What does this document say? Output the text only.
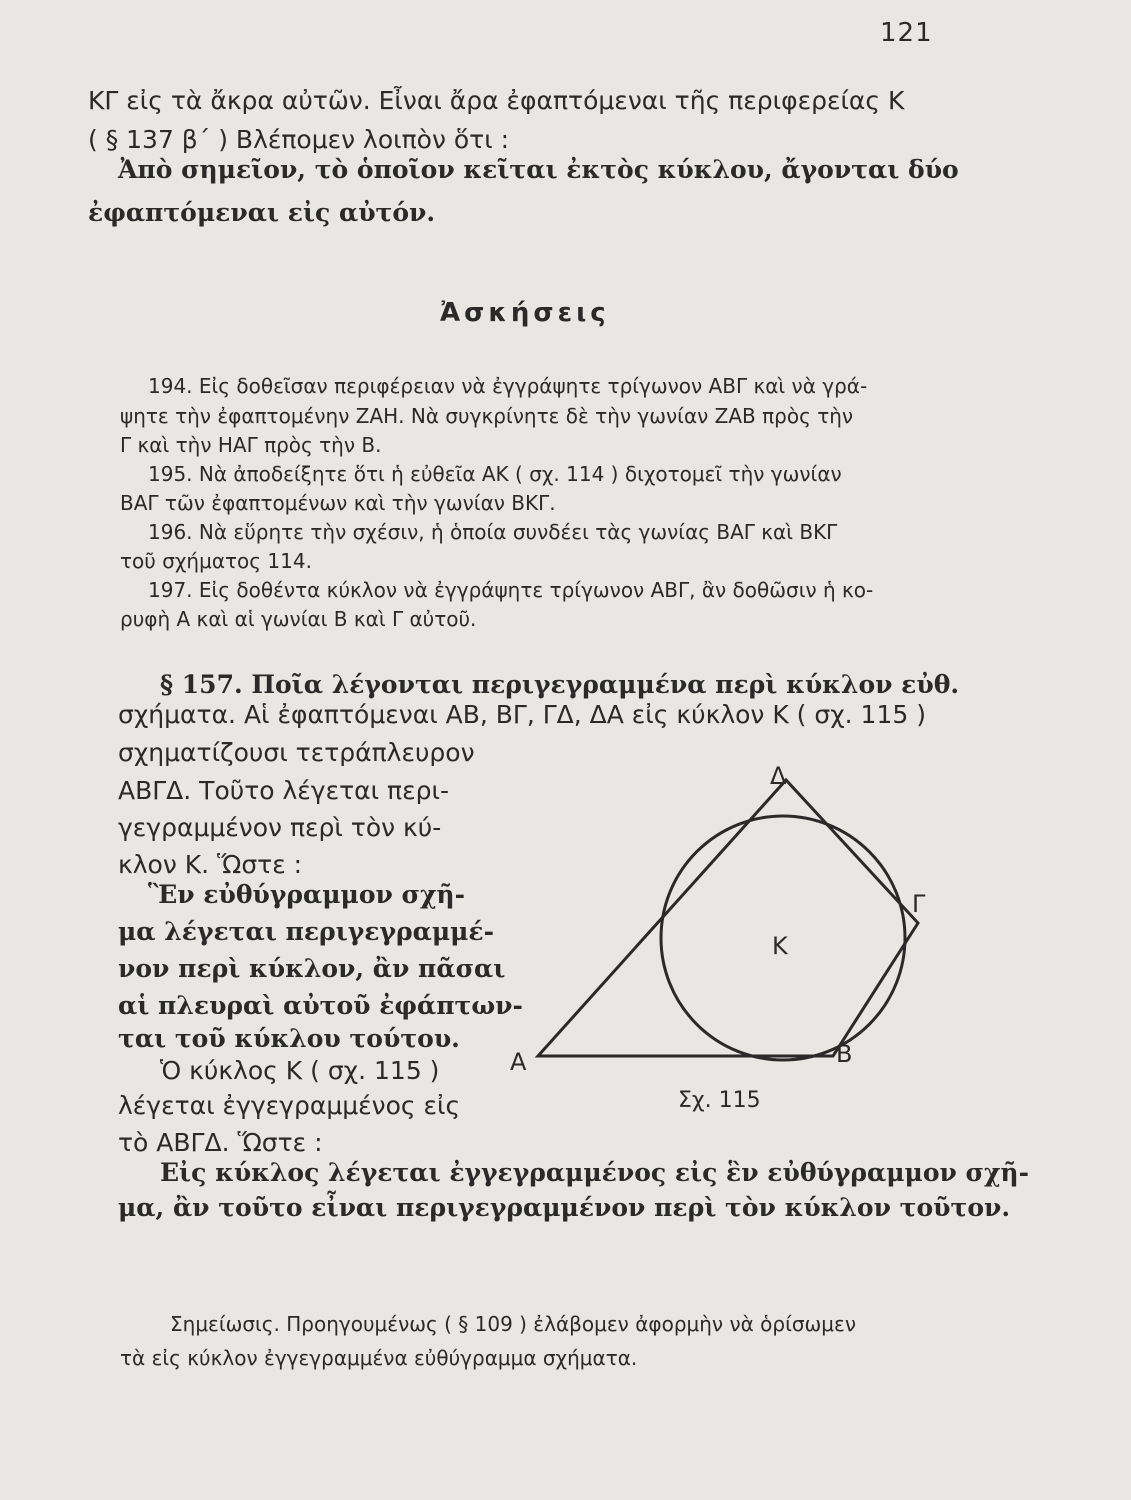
121
ΚΓ εἰς τὰ ἄκρα αὐτῶν. Εἶναι ἄρα ἐφαπτόμεναι τῆς περιφερείας Κ
( § 137 β΄ ) Βλέπομεν λοιπὸν ὅτι :
Ἀπὸ σημεῖον, τὸ ὁποῖον κεῖται ἐκτὸς κύκλου, ἄγονται δύο
ἐφαπτόμεναι εἰς αὐτόν.
Ἀσκήσεις
194. Εἰς δοθεῖσαν περιφέρειαν νὰ ἐγγράψητε τρίγωνον ΑΒΓ καὶ νὰ γρά-
ψητε τὴν ἐφαπτομένην ΖΑΗ. Νὰ συγκρίνητε δὲ τὴν γωνίαν ΖΑΒ πρὸς τὴν
Γ καὶ τὴν ΗΑΓ πρὸς τὴν Β.
195. Νὰ ἀποδείξητε ὅτι ἡ εὐθεῖα ΑΚ ( σχ. 114 ) διχοτομεῖ τὴν γωνίαν
ΒΑΓ τῶν ἐφαπτομένων καὶ τὴν γωνίαν ΒΚΓ.
196. Νὰ εὕρητε τὴν σχέσιν, ἡ ὁποία συνδέει τὰς γωνίας ΒΑΓ καὶ ΒΚΓ
τοῦ σχήματος 114.
197. Εἰς δοθέντα κύκλον νὰ ἐγγράψητε τρίγωνον ΑΒΓ, ἂν δοθῶσιν ἡ κο-
ρυφὴ Α καὶ αἱ γωνίαι Β καὶ Γ αὐτοῦ.
§ 157. Ποῖα λέγονται περιγεγραμμένα περὶ κύκλον εὐθ.
σχήματα. Αἱ ἐφαπτόμεναι ΑΒ, ΒΓ, ΓΔ, ΔΑ εἰς κύκλον Κ ( σχ. 115 )
σχηματίζουσι τετράπλευρον
ΑΒΓΔ. Τοῦτο λέγεται περι-
γεγραμμένον περὶ τὸν κύ-
κλον Κ. Ὥστε :
Ἓν εὐθύγραμμον σχῆ-
μα λέγεται περιγεγραμμέ-
νον περὶ κύκλον, ἂν πᾶσαι
αἱ πλευραὶ αὐτοῦ ἐφάπτων-
ται τοῦ κύκλου τούτου.
Ὁ κύκλος Κ ( σχ. 115 )
λέγεται ἐγγεγραμμένος εἰς
τὸ ΑΒΓΔ. Ὥστε :
Εἰς κύκλος λέγεται ἐγγεγραμμένος εἰς ἓν εὐθύγραμμον σχῆ-
μα, ἂν τοῦτο εἶναι περιγεγραμμένον περὶ τὸν κύκλον τοῦτον.
Σημείωσις. Προηγουμένως ( § 109 ) ἐλάβομεν ἀφορμὴν νὰ ὁρίσωμεν
τὰ εἰς κύκλον ἐγγεγραμμένα εὐθύγραμμα σχήματα.
Α	Β
Γ
Δ
Κ
Σχ. 115
